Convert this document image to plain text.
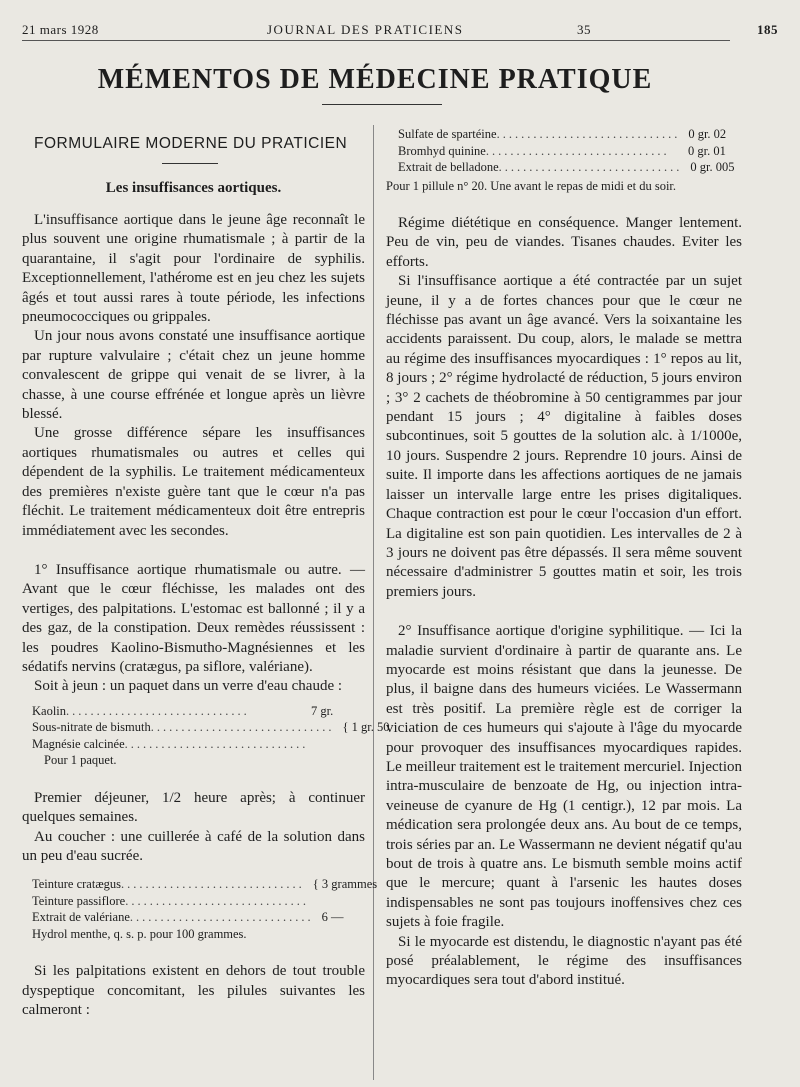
21 mars 1928	JOURNAL DES PRATICIENS	35	185
MÉMENTOS DE MÉDECINE PRATIQUE
FORMULAIRE MODERNE DU PRATICIEN
Les insuffisances aortiques.

L'insuffisance aortique dans le jeune âge reconnaît le plus souvent une origine rhumatismale ; à partir de la quarantaine, il s'agit pour l'ordinaire de syphilis. Exceptionnellement, l'athérome est en jeu chez les sujets âgés et tout aussi rares à toute période, les infections pneumococciques ou grippales.

Un jour nous avons constaté une insuffisance aortique par rupture valvulaire ; c'était chez un jeune homme convalescent de grippe qui venait de se livrer, à la chasse, à une course effrénée et longue après un lièvre blessé.

Une grosse différence sépare les insuffisances aortiques rhumatismales ou autres et celles qui dépendent de la syphilis. Le traitement médicamenteux des premières n'existe guère tant que le cœur n'a pas fléchit. Le traitement médicamenteux doit être entrepris immédiatement avec les secondes.

1° Insuffisance aortique rhumatismale ou autre. — Avant que le cœur fléchisse, les malades ont des vertiges, des palpitations. L'estomac est ballonné ; il y a des gaz, de la constipation. Deux remèdes réussissent : les poudres Kaolino-Bismutho-Magnésiennes et les sédatifs nervins (cratægus, pa siflore, valériane).

Soit à jeun : un paquet dans un verre d'eau chaude :

Kaolin ..............................	7 gr.
Sous-nitrate de bismuth .............................. { 1 gr. 50
Magnésie calcinée ..............................
Pour 1 paquet.

Premier déjeuner, 1/2 heure après; à continuer quelques semaines.

Au coucher : une cuillerée à café de la solution dans un peu d'eau sucrée.

Teinture cratægus .............................. { 3 grammes
Teinture passiflore ..............................
Extrait de valériane .............................. 6 —
Hydrol menthe, q. s. p. pour 100 grammes.

Si les palpitations existent en dehors de tout trouble dyspeptique concomitant, les pilules suivantes les calmeront :

Sulfate de spartéine .............................. 0 gr. 02
Bromhyd quinine ..............................	0 gr. 01
Extrait de belladone .............................. 0 gr. 005

Pour 1 pillule n° 20. Une avant le repas de midi et du soir.

Régime diététique en conséquence. Manger lentement. Peu de vin, peu de viandes. Tisanes chaudes. Eviter les efforts.

Si l'insuffisance aortique a été contractée par un sujet jeune, il y a de fortes chances pour que le cœur ne fléchisse pas avant un âge avancé. Vers la soixantaine les accidents paraissent. Du coup, alors, le malade se mettra au régime des insuffisances myocardiques : 1° repos au lit, 8 jours ; 2° régime hydrolacté de réduction, 5 jours environ ; 3° 2 cachets de théobromine à 50 centigrammes par jour pendant 15 jours ; 4° digitaline à faibles doses subcontinues, soit 5 gouttes de la solution alc. à 1/1000e, 10 jours. Suspendre 2 jours. Reprendre 10 jours. Ainsi de suite. Il importe dans les affections aortiques de ne jamais laisser un intervalle large entre les prises digitaliques. Chaque contraction est pour le cœur l'occasion d'un effort. La digitaline est son pain quotidien. Les intervalles de 2 à 3 jours ne doivent pas être dépassés. Il sera même souvent nécessaire d'administrer 5 gouttes matin et soir, les trois premiers jours.

2° Insuffisance aortique d'origine syphilitique. — Ici la maladie survient d'ordinaire à partir de quarante ans. Le myocarde est moins résistant que dans la jeunesse. De plus, il baigne dans des humeurs viciées. Le Wassermann est très positif. La première règle est de corriger la viciation de ces humeurs qui s'ajoute à l'âge du myocarde pour provoquer des insuffisances myocardiques rapides. Le meilleur traitement est le traitement mercuriel. Injection intra-musculaire de benzoate de Hg, ou injection intra-veineuse de cyanure de Hg (1 centigr.), 12 par mois. La médication sera prolongée deux ans. Au bout de ce temps, trois séries par an. Le Wassermann ne devient négatif qu'au bout de trois à quatre ans. Le bismuth semble moins actif que le mercure; quant à l'arsenic les hautes doses indispensables ne sont pas toujours inoffensives chez ces sujets à foie fragile.

Si le myocarde est distendu, le diagnostic n'ayant pas été posé préalablement, le régime des insuffisances myocardiques sera tout d'abord institué.
